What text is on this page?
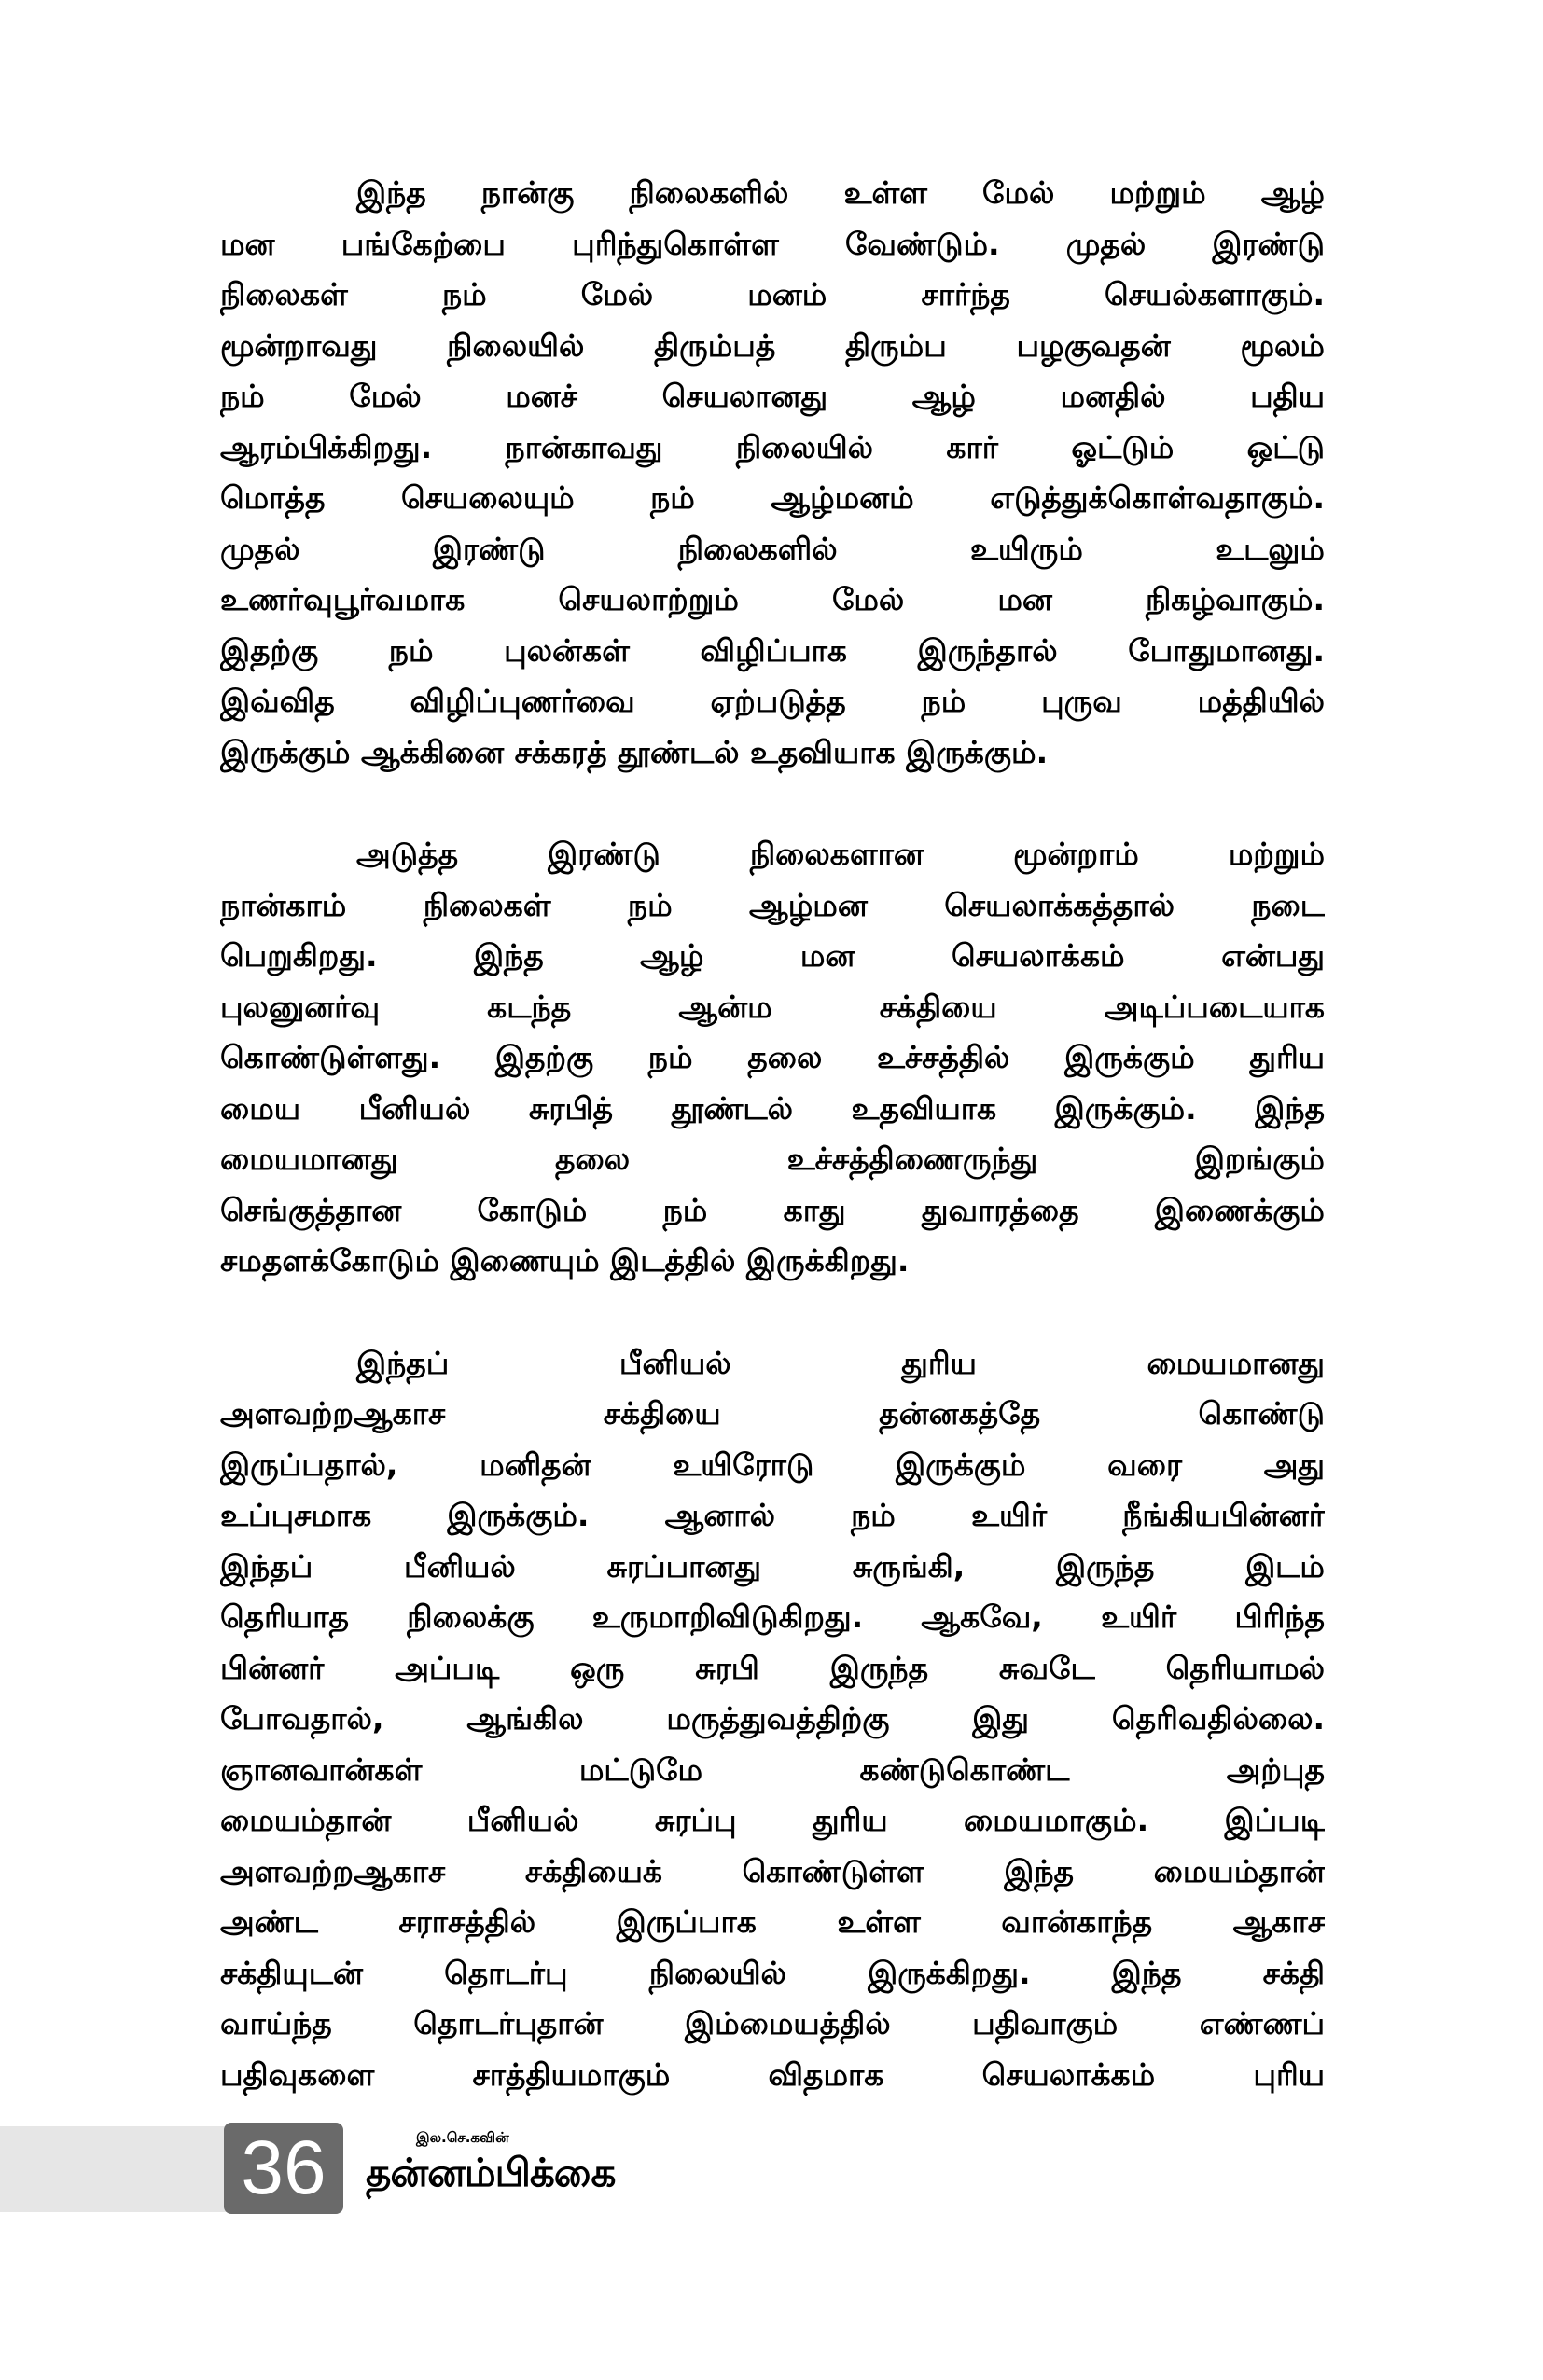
இந்த நான்கு நிலைகளில் உள்ள மேல் மற்றும் ஆழ்
மன பங்கேற்பை புரிந்துகொள்ள வேண்டும். முதல் இரண்டு
நிலைகள் நம் மேல் மனம் சார்ந்த செயல்களாகும்.
மூன்றாவது நிலையில் திரும்பத் திரும்ப பழகுவதன் மூலம்
நம் மேல் மனச் செயலானது ஆழ் மனதில் பதிய
ஆரம்பிக்கிறது. நான்காவது நிலையில் கார் ஓட்டும் ஒட்டு
மொத்த செயலையும் நம் ஆழ்மனம் எடுத்துக்கொள்வதாகும்.
முதல் இரண்டு நிலைகளில் உயிரும் உடலும்
உணர்வுபூர்வமாக செயலாற்றும் மேல் மன நிகழ்வாகும்.
இதற்கு நம் புலன்கள் விழிப்பாக இருந்தால் போதுமானது.
இவ்வித விழிப்புணர்வை ஏற்படுத்த நம் புருவ மத்தியில்
இருக்கும் ஆக்கினை சக்கரத் தூண்டல் உதவியாக இருக்கும்.
அடுத்த இரண்டு நிலைகளான மூன்றாம் மற்றும்
நான்காம் நிலைகள் நம் ஆழ்மன செயலாக்கத்தால் நடை
பெறுகிறது. இந்த ஆழ் மன செயலாக்கம் என்பது
புலனுனர்வு கடந்த ஆன்ம சக்தியை அடிப்படையாக
கொண்டுள்ளது. இதற்கு நம் தலை உச்சத்தில் இருக்கும் துரிய
மைய பீனியல் சுரபித் தூண்டல் உதவியாக இருக்கும். இந்த
மையமானது தலை உச்சத்திணைருந்து இறங்கும்
செங்குத்தான கோடும் நம் காது துவாரத்தை இணைக்கும்
சமதளக்கோடும் இணையும் இடத்தில் இருக்கிறது.
இந்தப் பீனியல் துரிய மையமானது
அளவற்றஆகாச சக்தியை தன்னகத்தே கொண்டு
இருப்பதால், மனிதன் உயிரோடு இருக்கும் வரை அது
உப்புசமாக இருக்கும். ஆனால் நம் உயிர் நீங்கியபின்னர்
இந்தப் பீனியல் சுரப்பானது சுருங்கி, இருந்த இடம்
தெரியாத நிலைக்கு உருமாறிவிடுகிறது. ஆகவே, உயிர் பிரிந்த
பின்னர் அப்படி ஒரு சுரபி இருந்த சுவடே தெரியாமல்
போவதால், ஆங்கில மருத்துவத்திற்கு இது தெரிவதில்லை.
ஞானவான்கள் மட்டுமே கண்டுகொண்ட அற்புத
மையம்தான் பீனியல் சுரப்பு துரிய மையமாகும். இப்படி
அளவற்றஆகாச சக்தியைக் கொண்டுள்ள இந்த மையம்தான்
அண்ட சராசத்தில் இருப்பாக உள்ள வான்காந்த ஆகாச
சக்தியுடன் தொடர்பு நிலையில் இருக்கிறது. இந்த சக்தி
வாய்ந்த தொடர்புதான் இம்மையத்தில் பதிவாகும் எண்ணப்
பதிவுகளை சாத்தியமாகும் விதமாக செயலாக்கம் புரிய
36	இல.செ.கவின்
தன்னம்பிக்கை
